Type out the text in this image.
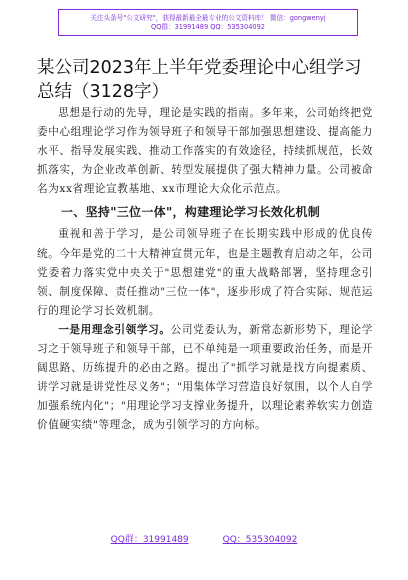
关注头条号"公文研究"，获得最新最全最专业的公文资料库！ 微信：gongwenyj
QQ群：31991489 QQ：535304092
某公司2023年上半年党委理论中心组学习总结（3128字）

思想是行动的先导，理论是实践的指南。多年来，公司始终把党委中心组理论学习作为领导班子和领导干部加强思想建设、提高能力水平、指导发展实践、推动工作落实的有效途径，持续抓规范，长效抓落实，为企业改革创新、转型发展提供了强大精神力量。公司被命名为xx省理论宣教基地、xx市理论大众化示范点。

一、坚持"三位一体"，构建理论学习长效化机制

重视和善于学习，是公司领导班子在长期实践中形成的优良传统。今年是党的二十大精神宣贯元年，也是主题教育启动之年，公司党委着力落实党中央关于"思想建党"的重大战略部署，坚持理念引领、制度保障、责任推动"三位一体"，逐步形成了符合实际、规范运行的理论学习长效机制。

一是用理念引领学习。公司党委认为，新常态新形势下，理论学习之于领导班子和领导干部，已不单纯是一项重要政治任务，而是开阔思路、历练提升的必由之路。提出了"抓学习就是找方向提素质、讲学习就是讲党性尽义务"；"用集体学习营造良好氛围，以个人自学加强系统内化"；"用理论学习支撑业务提升，以理论素养软实力创造价值硬实绩"等理念，成为引领学习的方向标。

QQ群：31991489	QQ：535304092
